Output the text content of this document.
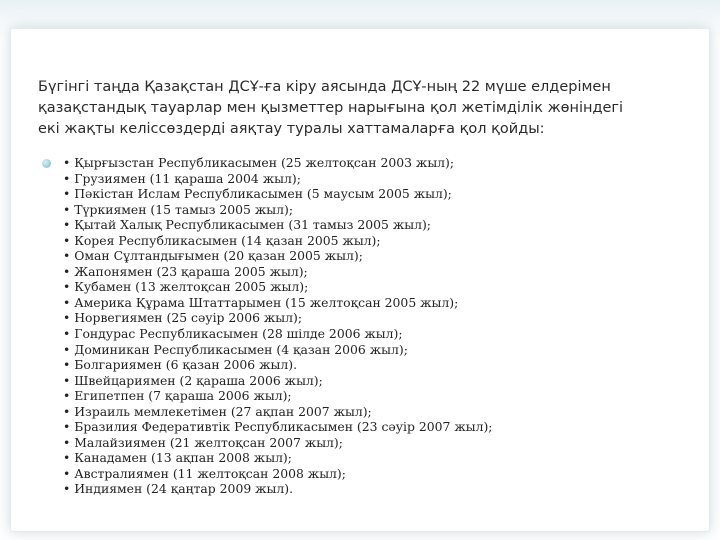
Бүгінгі таңда Қазақстан ДСҰ-ға кіру аясында ДСҰ-ның 22 мүше елдерімен
қазақстандық тауарлар мен қызметтер нарығына қол жетімділік жөніндегі
екі жақты келіссөздерді аяқтау туралы хаттамаларға қол қойды:
• Қырғызстан Республикасымен (25 желтоқсан 2003 жыл);
• Грузиямен (11 қараша 2004 жыл);
• Пәкістан Ислам Республикасымен (5 маусым 2005 жыл);
• Түркиямен (15 тамыз 2005 жыл);
• Қытай Халық Республикасымен (31 тамыз 2005 жыл);
• Корея Республикасымен (14 қазан 2005 жыл);
• Оман Сұлтандығымен (20 қазан 2005 жыл);
• Жапонямен (23 қараша 2005 жыл);
• Кубамен (13 желтоқсан 2005 жыл);
• Америка Құрама Штаттарымен (15 желтоқсан 2005 жыл);
• Норвегиямен (25 сәуір 2006 жыл);
• Гондурас Республикасымен (28 шілде 2006 жыл);
• Доминикан Республикасымен (4 қазан 2006 жыл);
• Болгариямен (6 қазан 2006 жыл).
• Швейцариямен (2 қараша 2006 жыл);
• Египетпен (7 қараша 2006 жыл);
• Израиль мемлекетімен (27 ақпан 2007 жыл);
• Бразилия Федеративтік Республикасымен (23 сәуір 2007 жыл);
• Малайзиямен (21 желтоқсан 2007 жыл);
• Канадамен (13 ақпан 2008 жыл);
• Австралиямен (11 желтоқсан 2008 жыл);
• Индиямен (24 қаңтар 2009 жыл).
